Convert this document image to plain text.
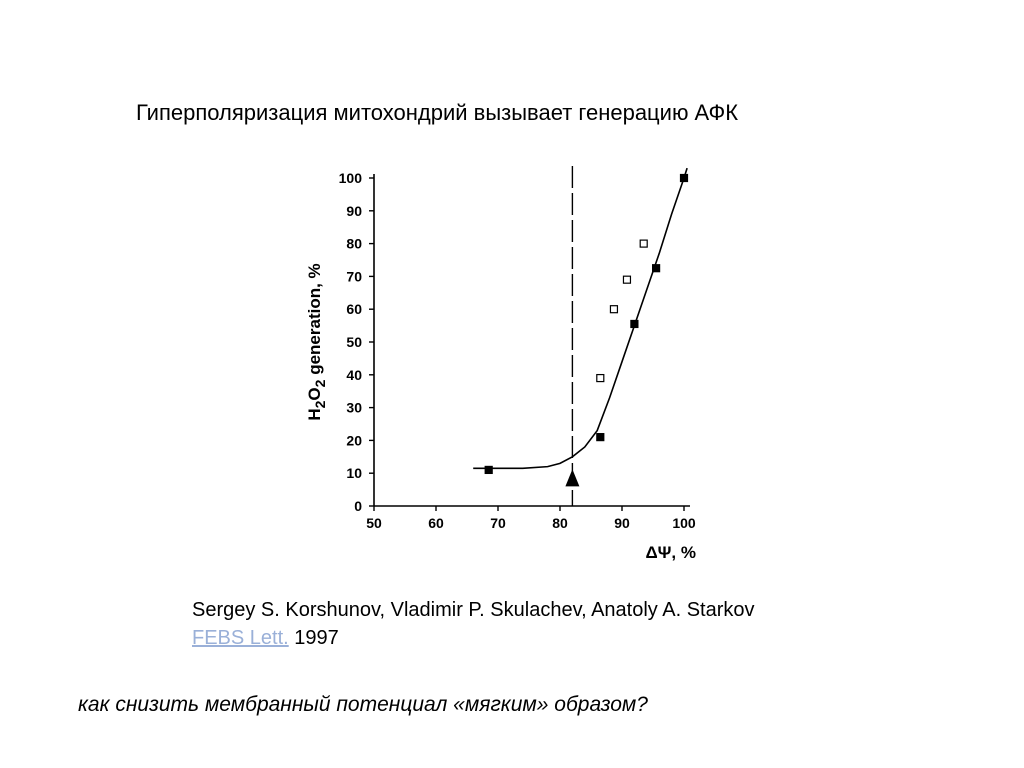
Гиперполяризация митохондрий вызывает генерацию АФК
50	60	70	80	90	100
0
10
20
30
40
50
60
70
80
90
100
ΔΨ, %
$H_2O_2$ generation, %
Sergey S. Korshunov, Vladimir P. Skulachev, Anatoly A. Starkov
FEBS Lett. 1997
как снизить мембранный потенциал «мягким» образом?
